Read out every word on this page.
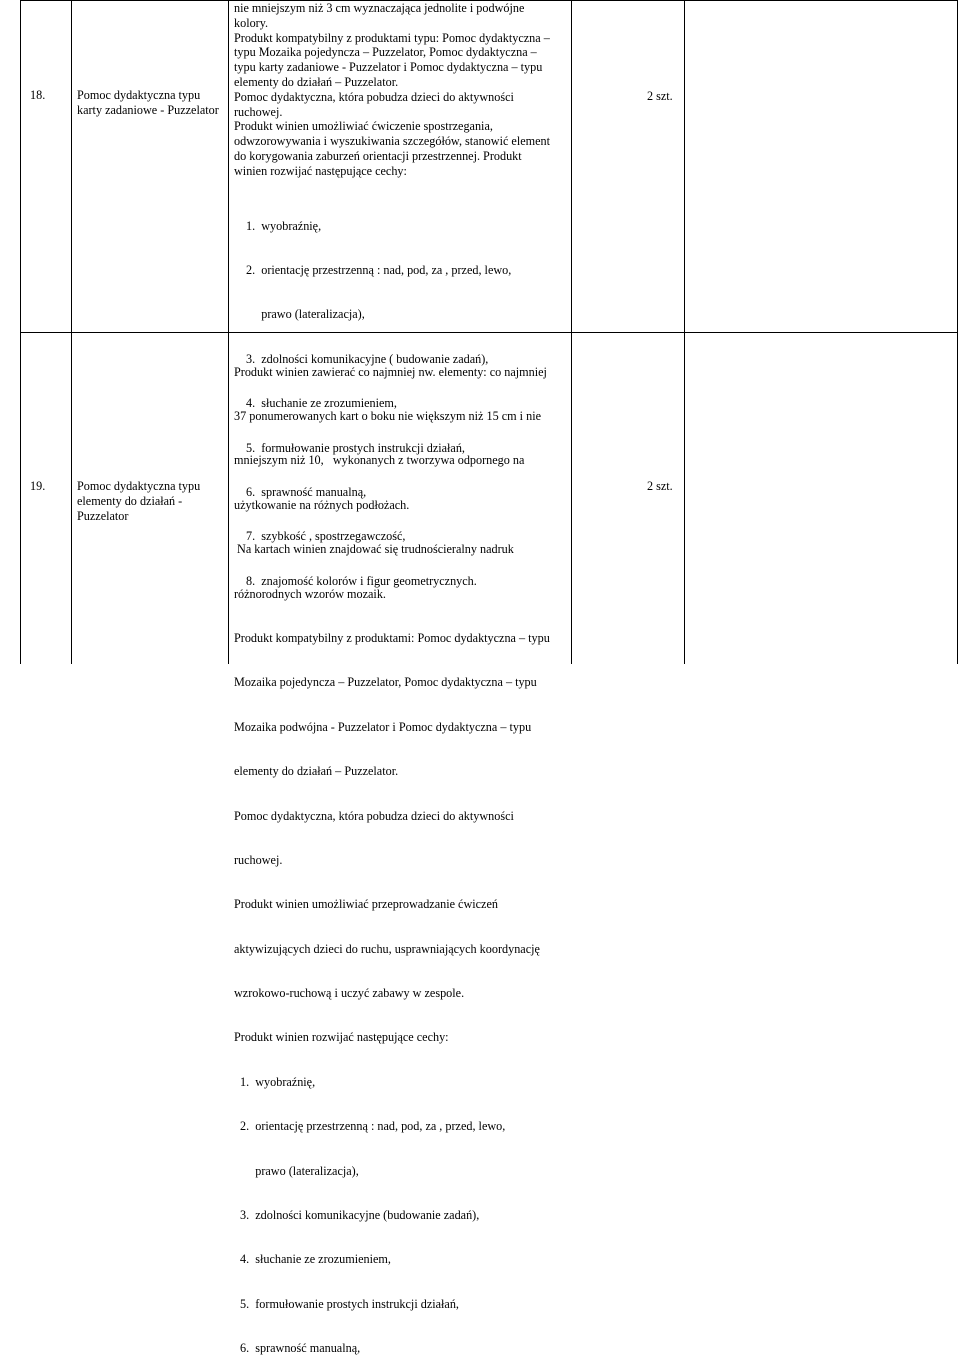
18.	Pomoc dydaktyczna typu
karty zadaniowe - Puzzelator
nie mniejszym niż 3 cm wyznaczająca jednolite i podwójne
kolory.
Produkt kompatybilny z produktami typu: Pomoc dydaktyczna –
typu Mozaika pojedyncza – Puzzelator, Pomoc dydaktyczna –
typu karty zadaniowe - Puzzelator i Pomoc dydaktyczna – typu
elementy do działań – Puzzelator.
Pomoc dydaktyczna, która pobudza dzieci do aktywności
ruchowej.
Produkt winien umożliwiać ćwiczenie spostrzegania,
odwzorowywania i wyszukiwania szczegółów, stanowić element
do korygowania zaburzeń orientacji przestrzennej. Produkt
winien rozwijać następujące cechy:

1.  wyobraźnię,

2.  orientację przestrzenną : nad, pod, za , przed, lewo,

prawo (lateralizacja),

3.  zdolności komunikacyjne ( budowanie zadań),

4.  słuchanie ze zrozumieniem,

5.  formułowanie prostych instrukcji działań,

6.  sprawność manualną,

7.  szybkość , spostrzegawczość,

8.  znajomość kolorów i figur geometrycznych.

2 szt.
19.	Pomoc dydaktyczna typu
elementy do działań -
Puzzelator

Produkt winien zawierać co najmniej nw. elementy: co najmniej

37 ponumerowanych kart o boku nie większym niż 15 cm i nie

mniejszym niż 10,   wykonanych z tworzywa odpornego na

użytkowanie na różnych podłożach.

Na kartach winien znajdować się trudnościeralny nadruk

różnorodnych wzorów mozaik.

Produkt kompatybilny z produktami: Pomoc dydaktyczna – typu

Mozaika pojedyncza – Puzzelator, Pomoc dydaktyczna – typu

Mozaika podwójna - Puzzelator i Pomoc dydaktyczna – typu

elementy do działań – Puzzelator.

Pomoc dydaktyczna, która pobudza dzieci do aktywności

ruchowej.

Produkt winien umożliwiać przeprowadzanie ćwiczeń

aktywizujących dzieci do ruchu, usprawniających koordynację

wzrokowo-ruchową i uczyć zabawy w zespole.

Produkt winien rozwijać następujące cechy:

1.  wyobraźnię,

2.  orientację przestrzenną : nad, pod, za , przed, lewo,

prawo (lateralizacja),

3.  zdolności komunikacyjne (budowanie zadań),

4.  słuchanie ze zrozumieniem,

5.  formułowanie prostych instrukcji działań,

6.  sprawność manualną,

2 szt.
